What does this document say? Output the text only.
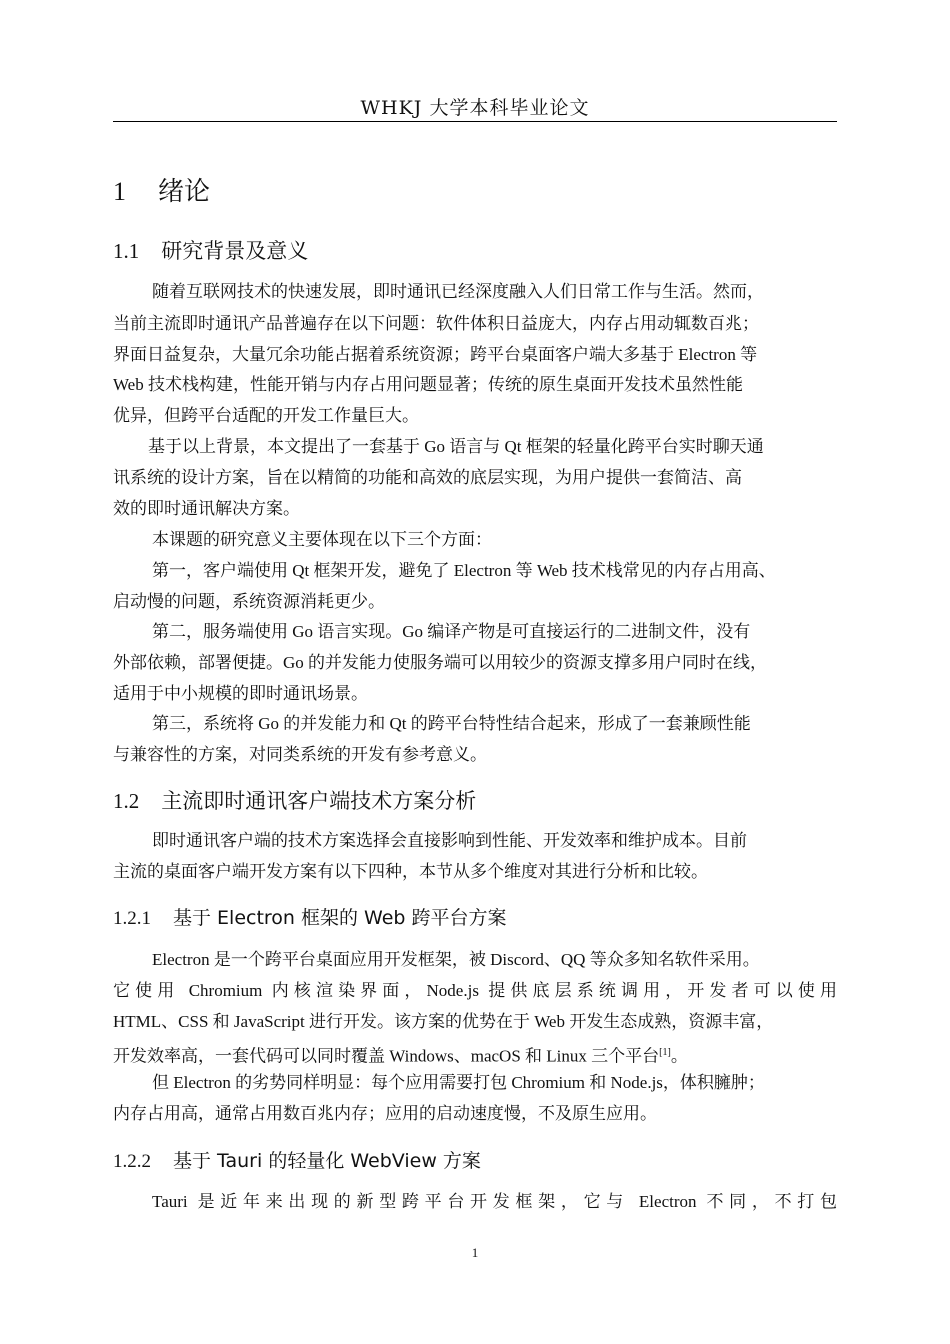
WHKJ 大学本科毕业论文
1 绪论
1.1 研究背景及意义
随着互联网技术的快速发展，即时通讯已经深度融入人们日常工作与生活。然而，
当前主流即时通讯产品普遍存在以下问题：软件体积日益庞大，内存占用动辄数百兆；
界面日益复杂，大量冗余功能占据着系统资源；跨平台桌面客户端大多基于 Electron 等
Web 技术栈构建，性能开销与内存占用问题显著；传统的原生桌面开发技术虽然性能
优异，但跨平台适配的开发工作量巨大。
基于以上背景，本文提出了一套基于 Go 语言与 Qt 框架的轻量化跨平台实时聊天通
讯系统的设计方案，旨在以精简的功能和高效的底层实现，为用户提供一套简洁、高
效的即时通讯解决方案。
本课题的研究意义主要体现在以下三个方面：
第一，客户端使用 Qt 框架开发，避免了 Electron 等 Web 技术栈常见的内存占用高、
启动慢的问题，系统资源消耗更少。
第二，服务端使用 Go 语言实现。Go 编译产物是可直接运行的二进制文件，没有
外部依赖，部署便捷。Go 的并发能力使服务端可以用较少的资源支撑多用户同时在线，
适用于中小规模的即时通讯场景。
第三，系统将 Go 的并发能力和 Qt 的跨平台特性结合起来，形成了一套兼顾性能
与兼容性的方案，对同类系统的开发有参考意义。
1.2 主流即时通讯客户端技术方案分析
即时通讯客户端的技术方案选择会直接影响到性能、开发效率和维护成本。目前
主流的桌面客户端开发方案有以下四种，本节从多个维度对其进行分析和比较。
1.2.1 基于 Electron 框架的 Web 跨平台方案
Electron 是一个跨平台桌面应用开发框架，被 Discord、QQ 等众多知名软件采用。
它使用 Chromium 内核渲染界面，Node.js 提供底层系统调用，开发者可以使用
HTML、CSS 和 JavaScript 进行开发。该方案的优势在于 Web 开发生态成熟，资源丰富，
开发效率高，一套代码可以同时覆盖 Windows、macOS 和 Linux 三个平台[1]。
但 Electron 的劣势同样明显：每个应用需要打包 Chromium 和 Node.js，体积臃肿；
内存占用高，通常占用数百兆内存；应用的启动速度慢，不及原生应用。
1.2.2 基于 Tauri 的轻量化 WebView 方案
Tauri 是近年来出现的新型跨平台开发框架，它与 Electron 不同，不打包
1
